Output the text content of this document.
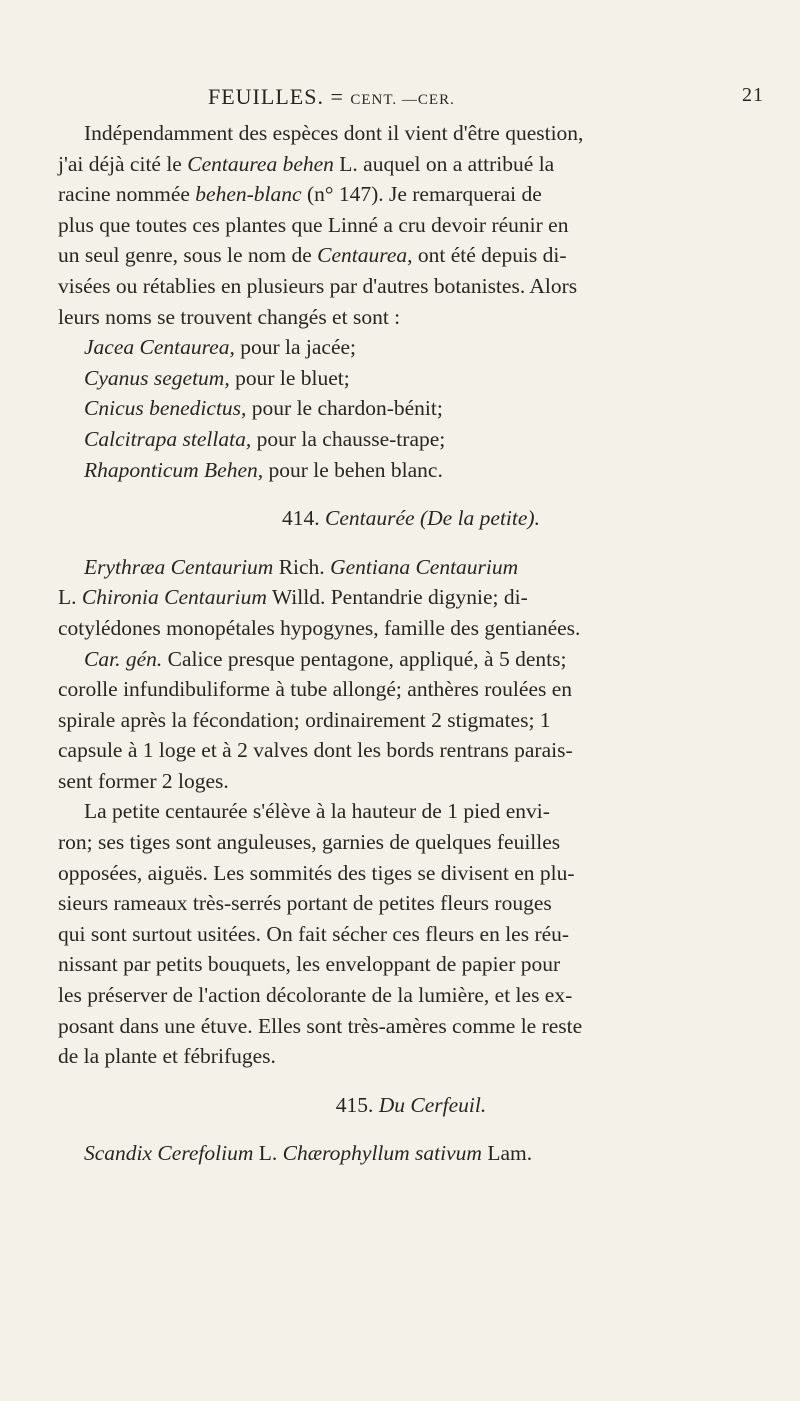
FEUILLES. = CENT. —CER.	21

Indépendamment des espèces dont il vient d'être question,
j'ai déjà cité le Centaurea behen L. auquel on a attribué la
racine nommée behen-blanc (n° 147). Je remarquerai de
plus que toutes ces plantes que Linné a cru devoir réunir en
un seul genre, sous le nom de Centaurea, ont été depuis di-
visées ou rétablies en plusieurs par d'autres botanistes. Alors
leurs noms se trouvent changés et sont :

Jacea Centaurea, pour la jacée;
Cyanus segetum, pour le bluet;
Cnicus benedictus, pour le chardon-bénit;
Calcitrapa stellata, pour la chausse-trape;
Rhaponticum Behen, pour le behen blanc.
414. Centaurée (De la petite).

Erythræa Centaurium Rich. Gentiana Centaurium
L. Chironia Centaurium Willd. Pentandrie digynie; di-
cotylédones monopétales hypogynes, famille des gentianées.

Car. gén. Calice presque pentagone, appliqué, à 5 dents;
corolle infundibuliforme à tube allongé; anthères roulées en
spirale après la fécondation; ordinairement 2 stigmates; 1
capsule à 1 loge et à 2 valves dont les bords rentrans parais-
sent former 2 loges.

La petite centaurée s'élève à la hauteur de 1 pied envi-
ron; ses tiges sont anguleuses, garnies de quelques feuilles
opposées, aiguës. Les sommités des tiges se divisent en plu-
sieurs rameaux très-serrés portant de petites fleurs rouges
qui sont surtout usitées. On fait sécher ces fleurs en les réu-
nissant par petits bouquets, les enveloppant de papier pour
les préserver de l'action décolorante de la lumière, et les ex-
posant dans une étuve. Elles sont très-amères comme le reste
de la plante et fébrifuges.

415. Du Cerfeuil.

Scandix Cerefolium L. Chærophyllum sativum Lam.
